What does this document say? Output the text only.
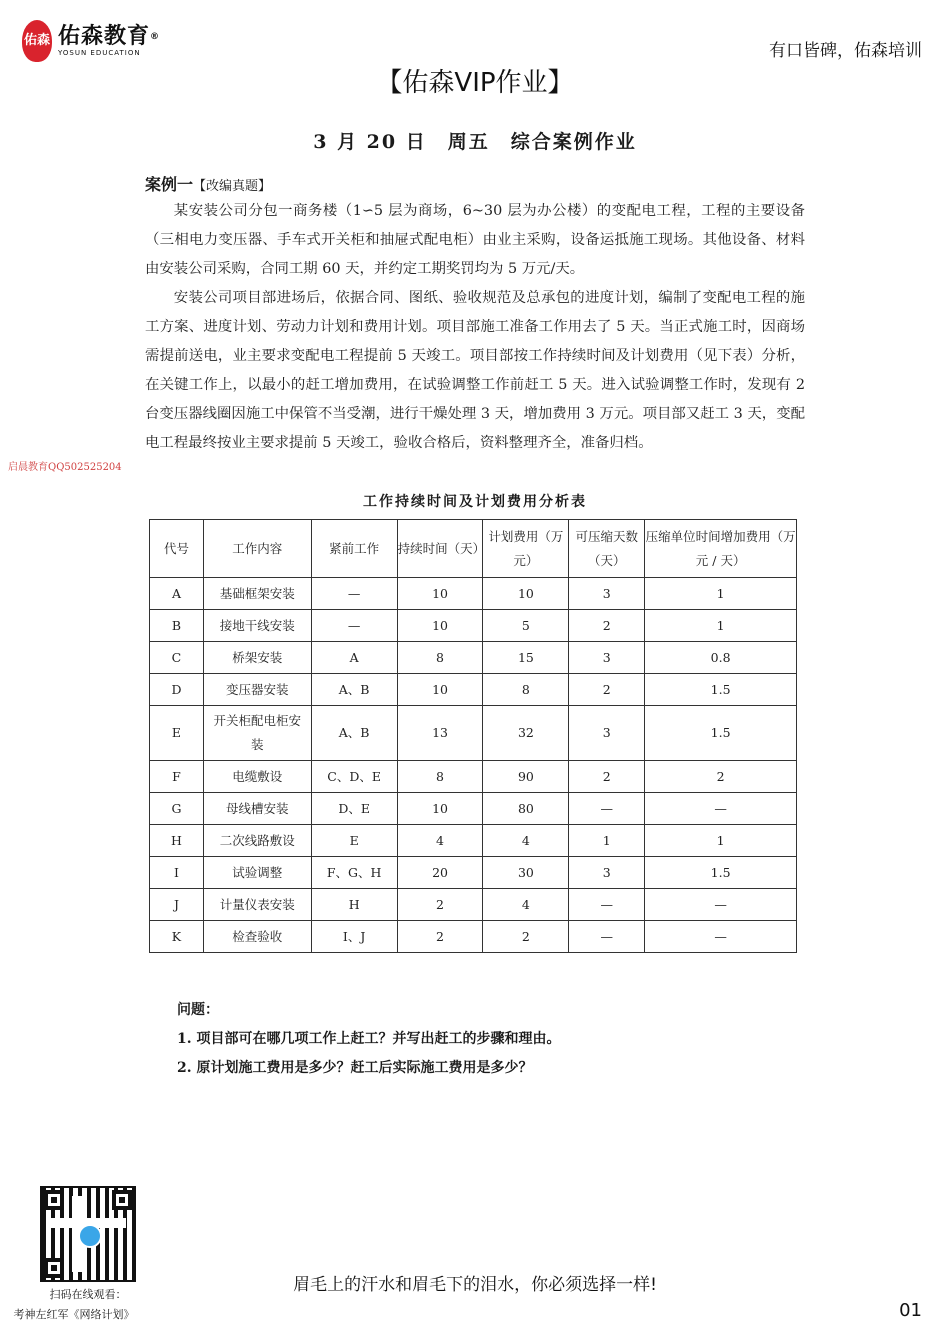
佑森 佑森教育®
YOSUN EDUCATION	有口皆碑，佑森培训
【佑森VIP作业】
3 月 20 日　周五　综合案例作业
案例一【改编真题】
某安装公司分包一商务楼（1∽5 层为商场，6~30 层为办公楼）的变配电工程，工程的主要设备（三相电力变压器、手车式开关柜和抽屉式配电柜）由业主采购，设备运抵施工现场。其他设备、材料由安装公司采购，合同工期 60 天，并约定工期奖罚均为 5 万元/天。
安装公司项目部进场后，依据合同、图纸、验收规范及总承包的进度计划，编制了变配电工程的施工方案、进度计划、劳动力计划和费用计划。项目部施工准备工作用去了 5 天。当正式施工时，因商场需提前送电，业主要求变配电工程提前 5 天竣工。项目部按工作持续时间及计划费用（见下表）分析，在关键工作上，以最小的赶工增加费用，在试验调整工作前赶工 5 天。进入试验调整工作时，发现有 2 台变压器线圈因施工中保管不当受潮，进行干燥处理 3 天，增加费用 3 万元。项目部又赶工 3 天，变配电工程最终按业主要求提前 5 天竣工，验收合格后，资料整理齐全，准备归档。
启晨教育QQ502525204
工作持续时间及计划费用分析表
代号	工作内容	紧前工作	持续时间（天）	计划费用（万元）	可压缩天数（天）	压缩单位时间增加费用（万元 / 天）
A	基础框架安装	—	10	10	3	1
B	接地干线安装	—	10	5	2	1
C	桥架安装	A	8	15	3	0.8
D	变压器安装	A、B	10	8	2	1.5
E	开关柜配电柜安装	A、B	13	32	3	1.5
F	电缆敷设	C、D、E	8	90	2	2
G	母线槽安装	D、E	10	80	—	—
H	二次线路敷设	E	4	4	1	1
I	试验调整	F、G、H	20	30	3	1.5
J	计量仪表安装	H	2	4	—	—
K	检查验收	I、J	2	2	—	—
问题：
1. 项目部可在哪几项工作上赶工？并写出赶工的步骤和理由。
2. 原计划施工费用是多少？赶工后实际施工费用是多少？
扫码在线观看：
考神左红军《网络计划》
眉毛上的汗水和眉毛下的泪水，你必须选择一样!
01
